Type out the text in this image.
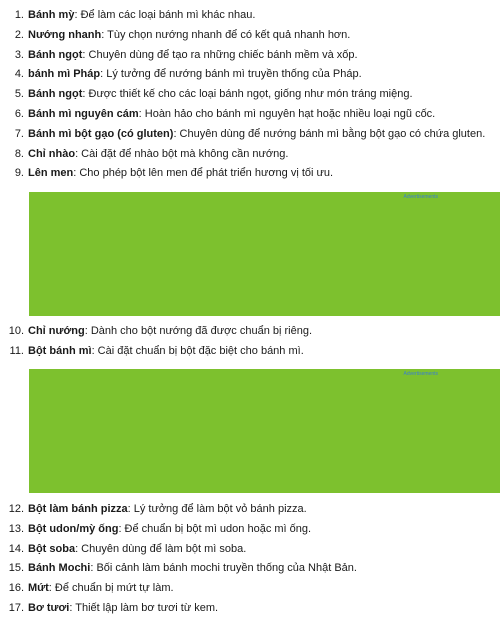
1. Bánh mỳ: Để làm các loại bánh mì khác nhau.
2. Nướng nhanh: Tùy chọn nướng nhanh để có kết quả nhanh hơn.
3. Bánh ngọt: Chuyên dùng để tạo ra những chiếc bánh mềm và xốp.
4. bánh mì Pháp: Lý tưởng để nướng bánh mì truyền thống của Pháp.
5. Bánh ngọt: Được thiết kế cho các loại bánh ngọt, giống như món tráng miệng.
6. Bánh mì nguyên cám: Hoàn hảo cho bánh mì nguyên hạt hoặc nhiều loại ngũ cốc.
7. Bánh mì bột gạo (có gluten): Chuyên dùng để nướng bánh mì bằng bột gạo có chứa gluten.
8. Chỉ nhào: Cài đặt để nhào bột mà không cần nướng.
9. Lên men: Cho phép bột lên men để phát triển hương vị tối ưu.
Advertisements
10. Chỉ nướng: Dành cho bột nướng đã được chuẩn bị riêng.
11. Bột bánh mì: Cài đặt chuẩn bị bột đặc biệt cho bánh mì.
Advertisements
12. Bột làm bánh pizza: Lý tưởng để làm bột vỏ bánh pizza.
13. Bột udon/mỳ ống: Để chuẩn bị bột mì udon hoặc mì ống.
14. Bột soba: Chuyên dùng để làm bột mì soba.
15. Bánh Mochi: Bối cảnh làm bánh mochi truyền thống của Nhật Bản.
16. Mứt: Để chuẩn bị mứt tự làm.
17. Bơ tươi: Thiết lập làm bơ tươi từ kem.
